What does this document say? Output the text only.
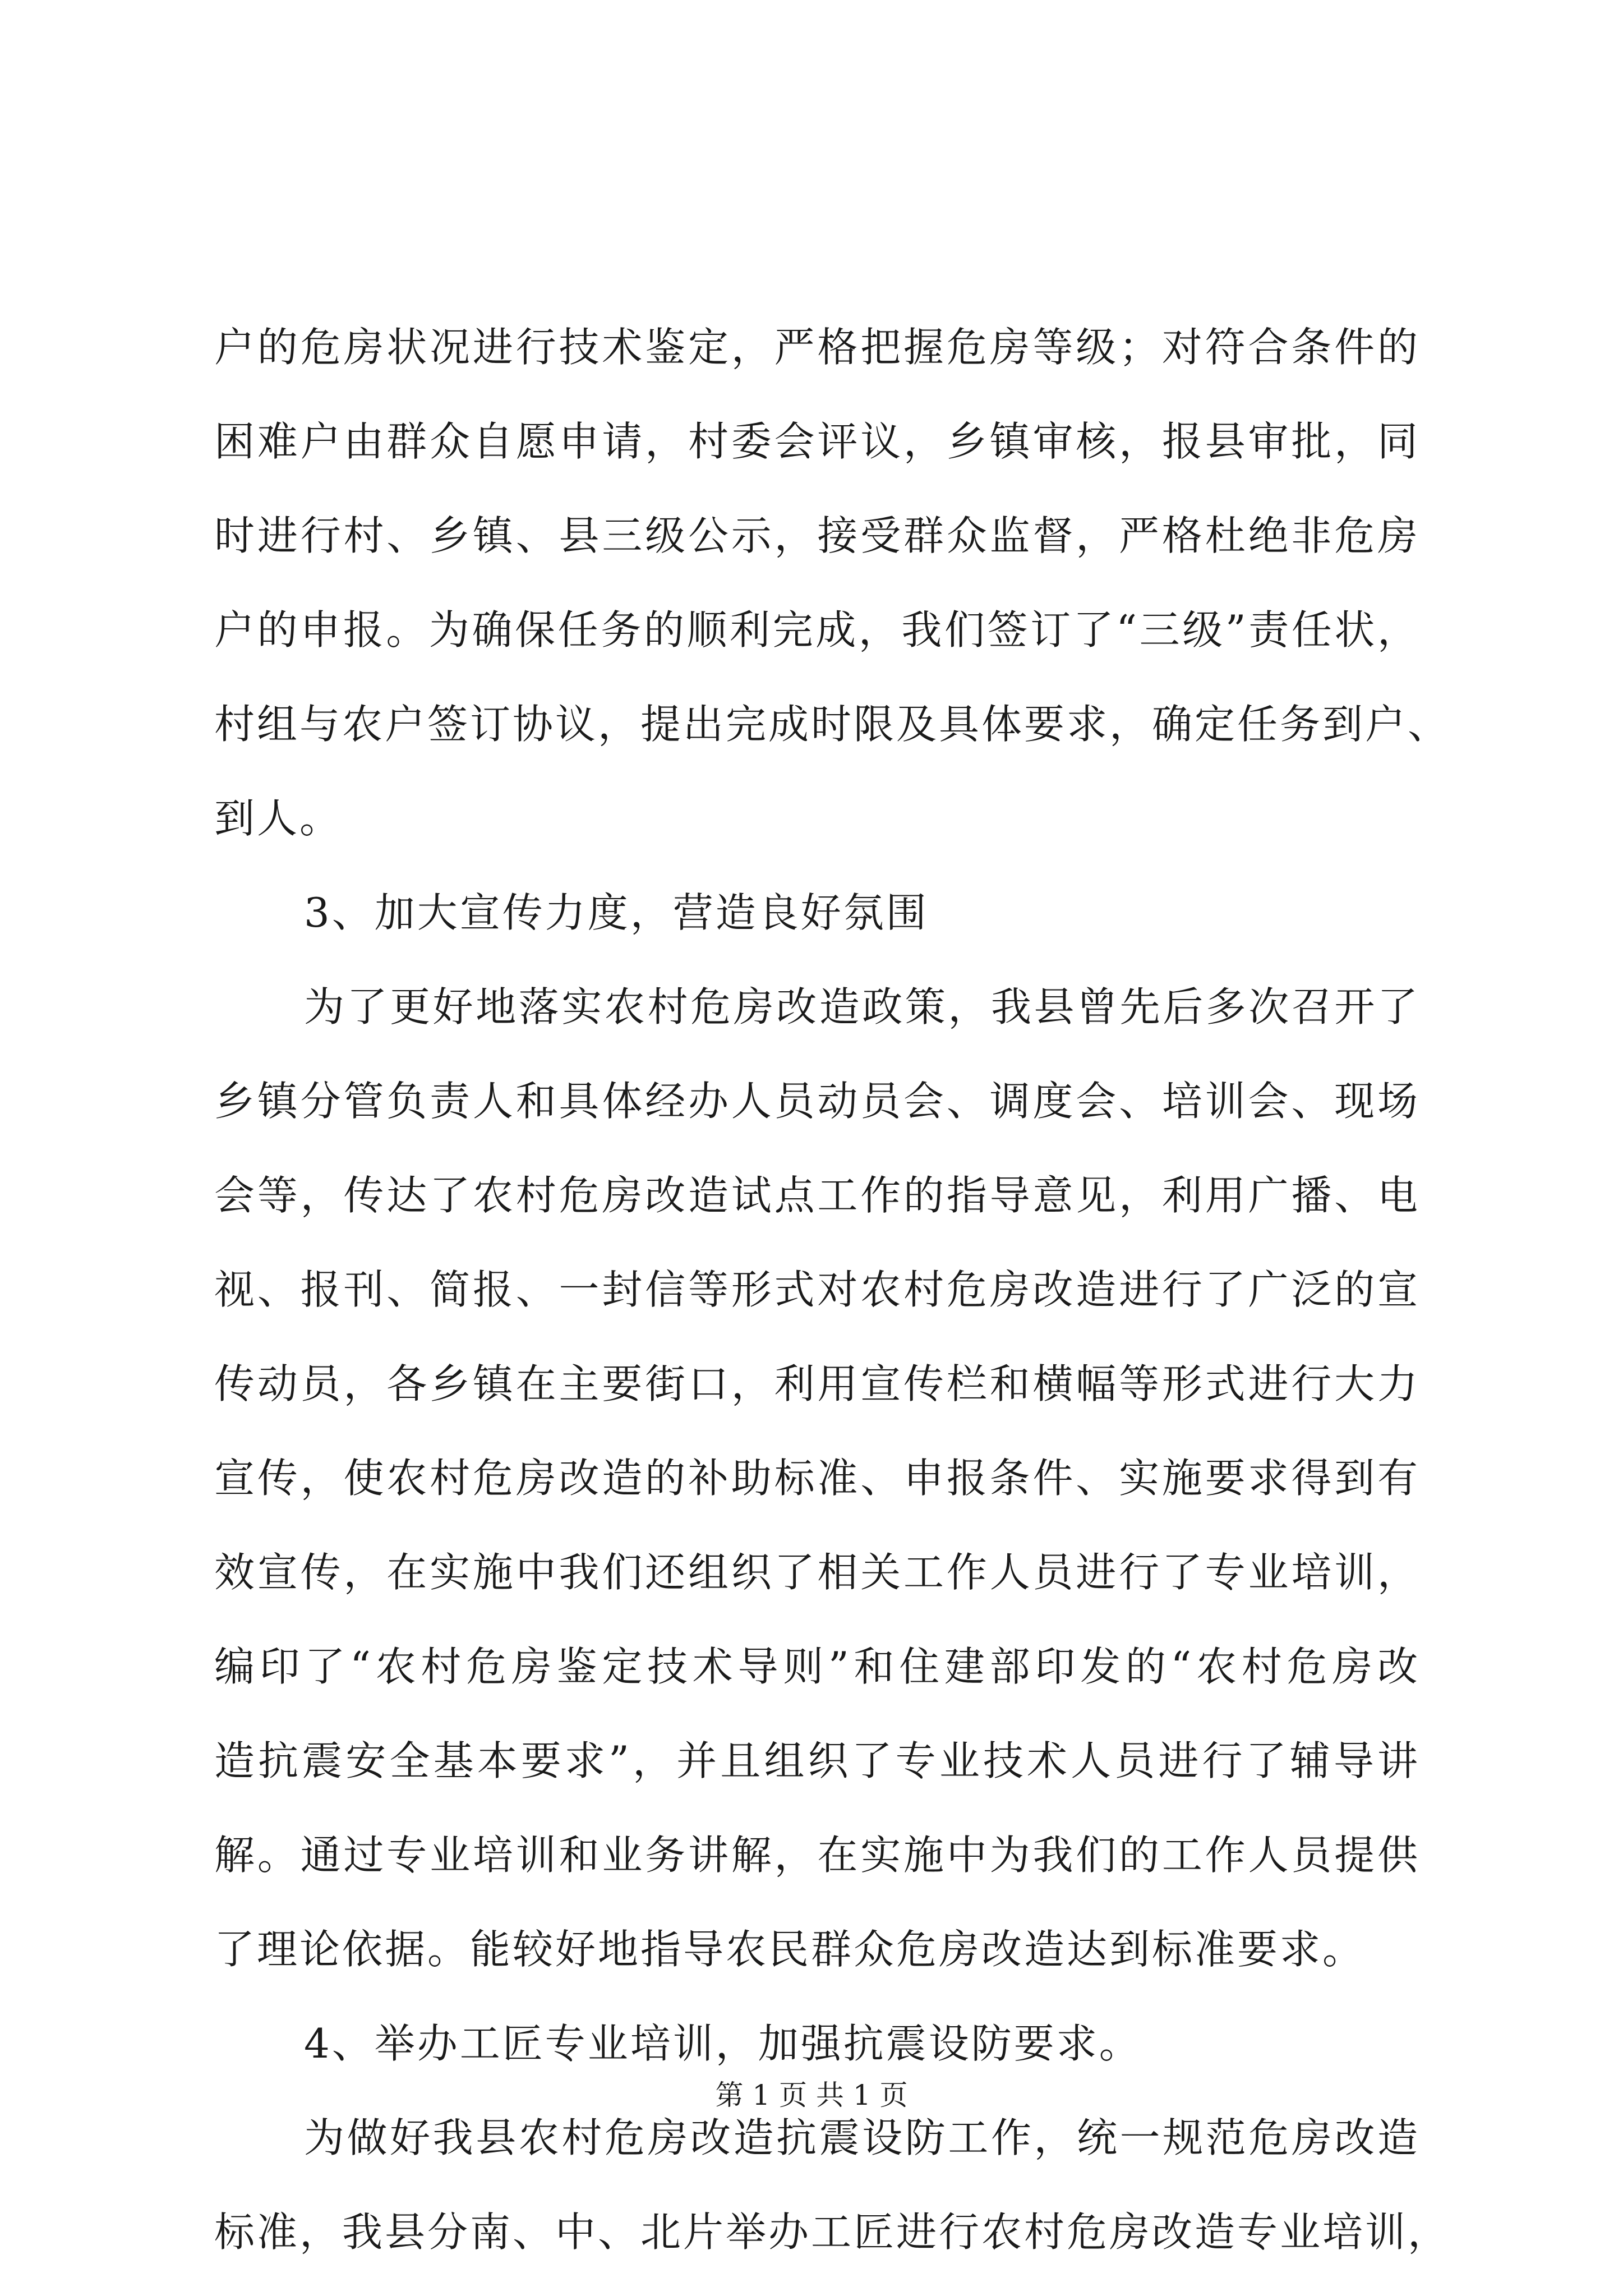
户的危房状况进行技术鉴定，严格把握危房等级；对符合条件的
困难户由群众自愿申请，村委会评议，乡镇审核，报县审批，同
时进行村、乡镇、县三级公示，接受群众监督，严格杜绝非危房
户的申报。为确保任务的顺利完成，我们签订了“三级”责任状，
村组与农户签订协议，提出完成时限及具体要求，确定任务到户、
到人。
3、加大宣传力度，营造良好氛围
为了更好地落实农村危房改造政策，我县曾先后多次召开了
乡镇分管负责人和具体经办人员动员会、调度会、培训会、现场
会等，传达了农村危房改造试点工作的指导意见，利用广播、电
视、报刊、简报、一封信等形式对农村危房改造进行了广泛的宣
传动员，各乡镇在主要街口，利用宣传栏和横幅等形式进行大力
宣传，使农村危房改造的补助标准、申报条件、实施要求得到有
效宣传，在实施中我们还组织了相关工作人员进行了专业培训，
编印了“农村危房鉴定技术导则”和住建部印发的“农村危房改
造抗震安全基本要求”，并且组织了专业技术人员进行了辅导讲
解。通过专业培训和业务讲解，在实施中为我们的工作人员提供
了理论依据。能较好地指导农民群众危房改造达到标准要求。
4、举办工匠专业培训，加强抗震设防要求。
为做好我县农村危房改造抗震设防工作，统一规范危房改造
标准，我县分南、中、北片举办工匠进行农村危房改造专业培训，
第 1 页 共 1 页
